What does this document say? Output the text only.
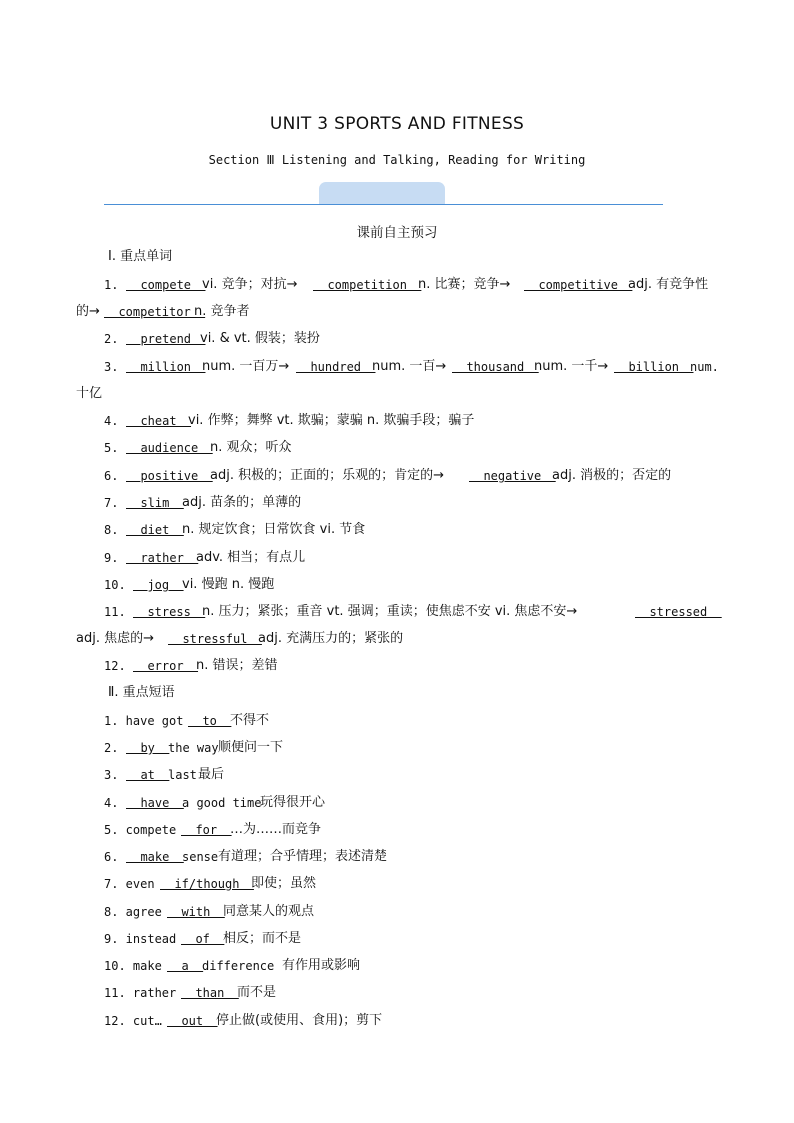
UNIT 3 SPORTS AND FITNESS
Section Ⅲ Listening and Talking, Reading for Writing
课前自主预习
Ⅰ. 重点单词
1. compete
vi. 竞争；对抗→ competition
n. 比赛；竞争→ competitive
adj. 有竞争性
的→ competitor
n. 竞争者
2. pretend
vi. & vt. 假装；装扮
3. million
num. 一百万→ hundred
num. 一百→ thousand
num. 一千→ billion
num.
十亿
4. cheat
vi. 作弊；舞弊 vt. 欺骗；蒙骗 n. 欺骗手段；骗子
5. audience
n. 观众；听众
6. positive
adj. 积极的；正面的；乐观的；肯定的→ negative
adj. 消极的；否定的
7. slim
adj. 苗条的；单薄的
8. diet
n. 规定饮食；日常饮食 vi. 节食
9. rather
adv. 相当；有点儿
10. jog
vi. 慢跑 n. 慢跑
11. stress
n. 压力；紧张；重音 vt. 强调；重读；使焦虑不安 vi. 焦虑不安→	stressed
adj. 焦虑的→ stressful
adj. 充满压力的；紧张的
12. error
n. 错误；差错
Ⅱ. 重点短语
1. have got to
不得不
2. by
the way 顺便问一下
3. at
last 最后
4. have
a good time
玩得很开心
5. compete for
…为……而竞争
6. make
sense 有道理；合乎情理；表述清楚
7. even if/though
即使；虽然
8. agree with
同意某人的观点
9. instead of
相反；而不是
10. make a
difference 有作用或影响
11. rather than
而不是
12. cut… out
停止做(或使用、食用)；剪下
